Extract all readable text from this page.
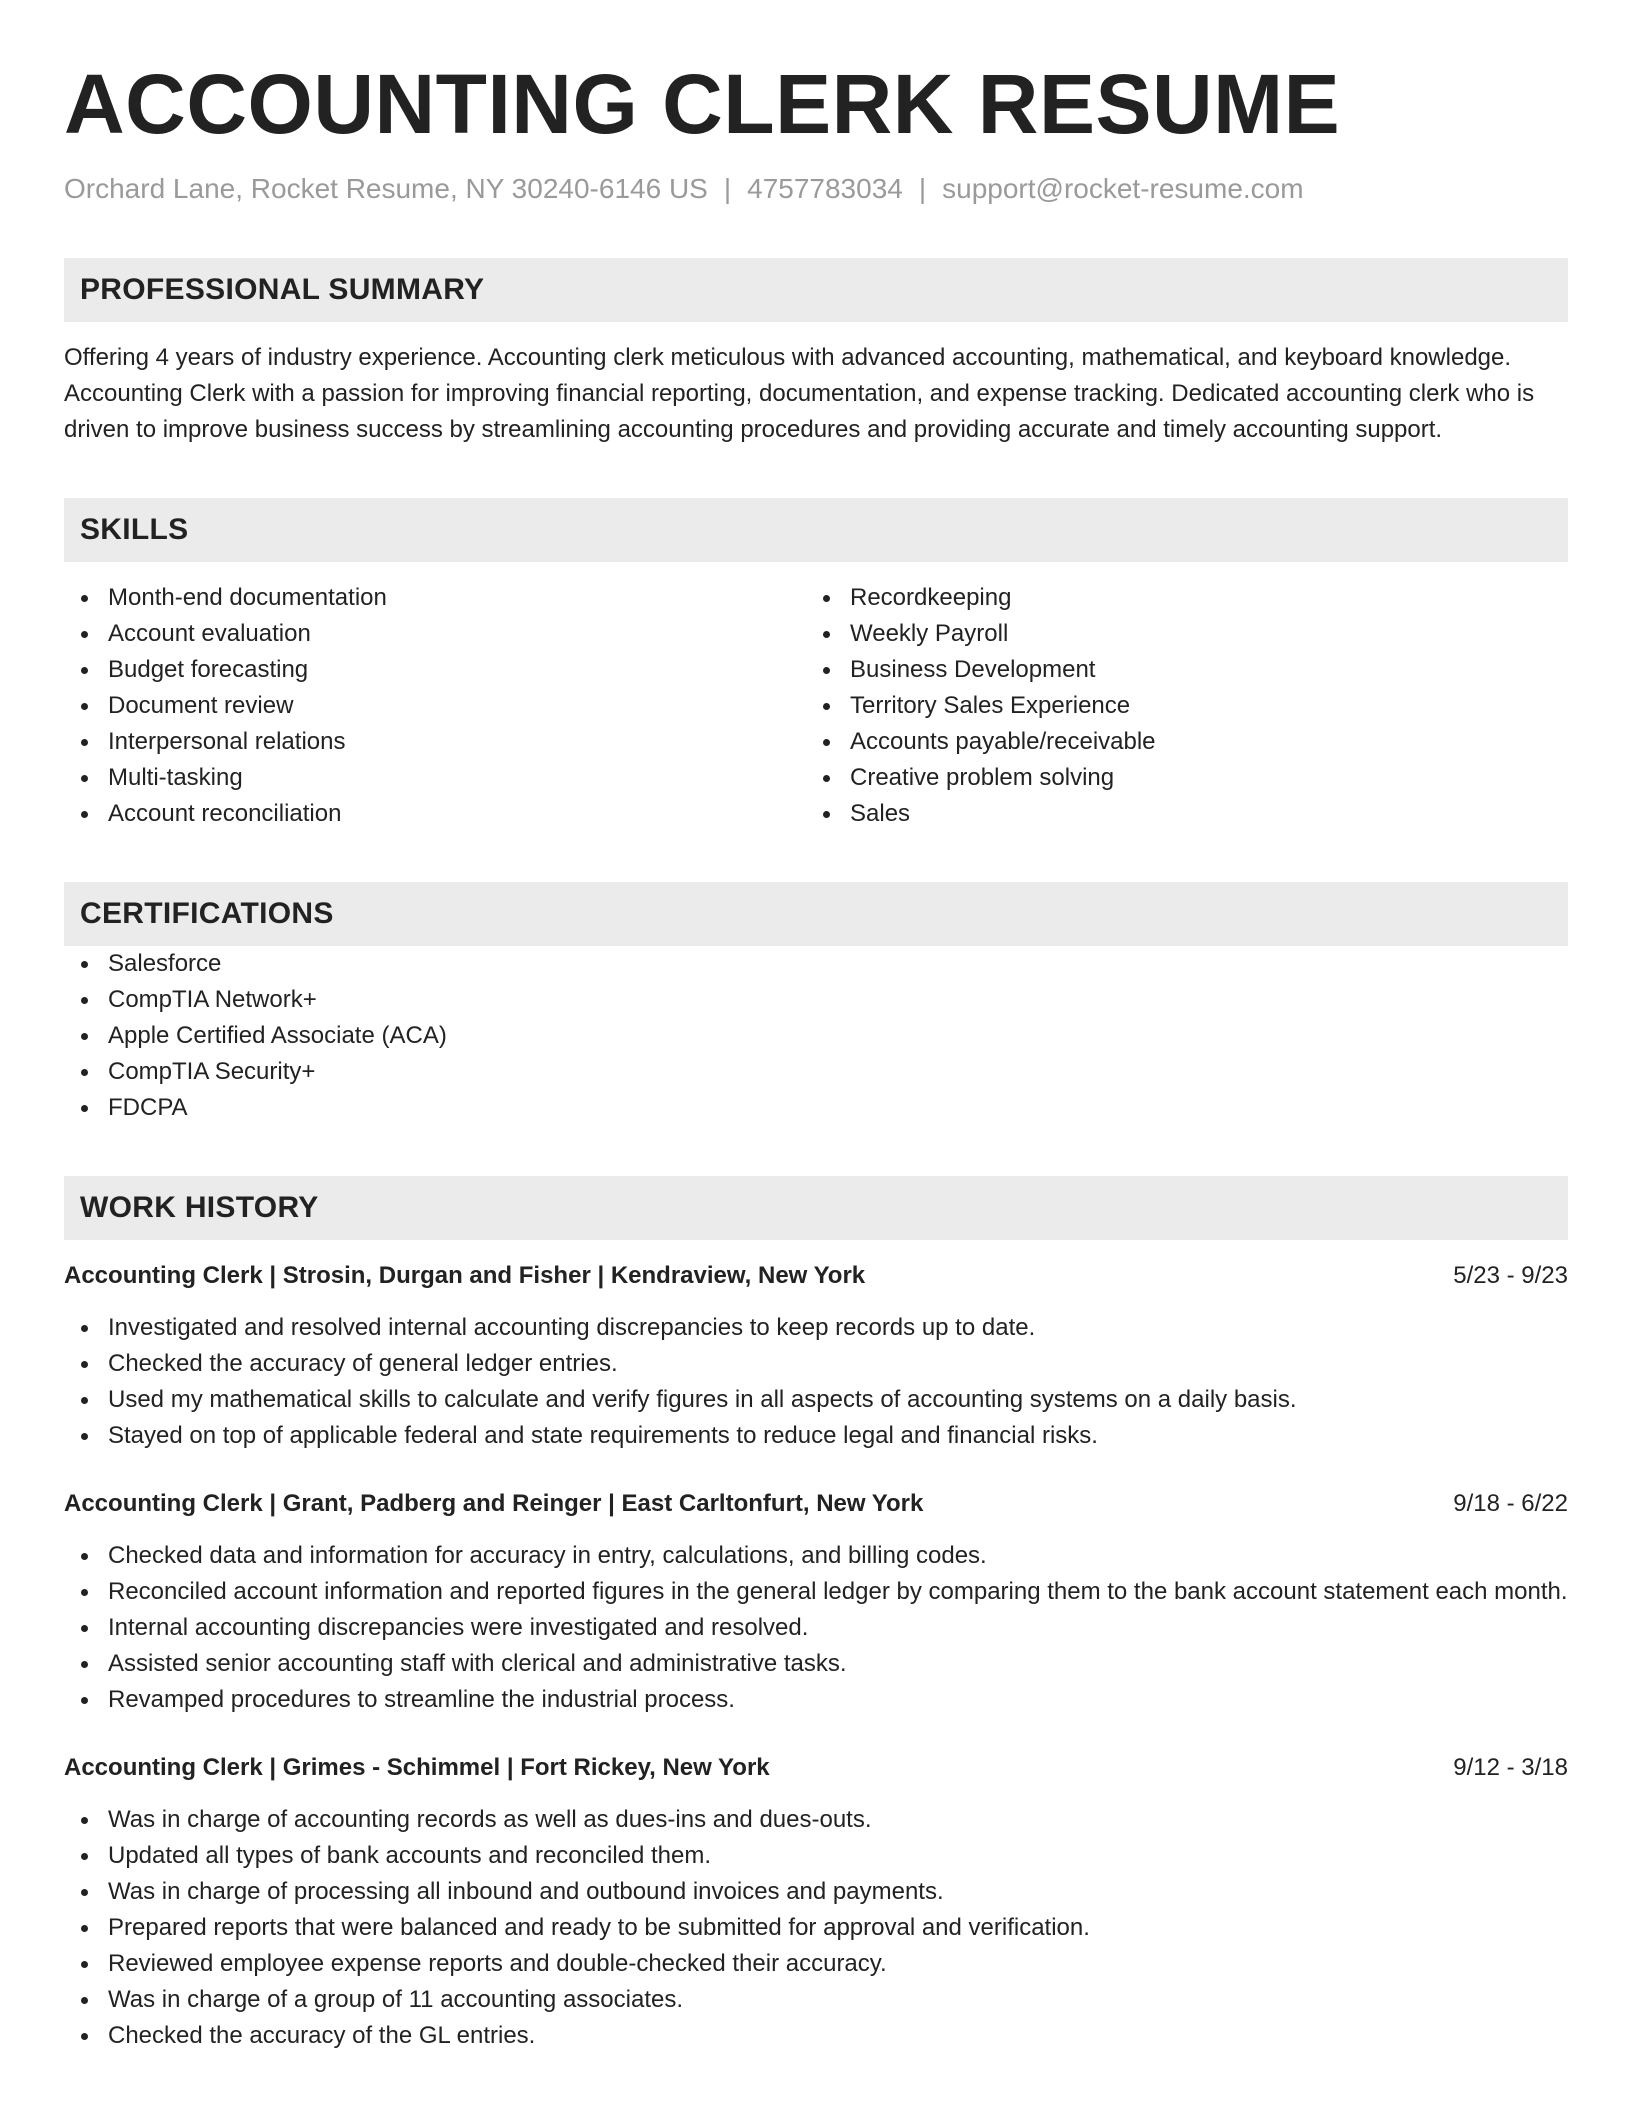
ACCOUNTING CLERK RESUME
Orchard Lane, Rocket Resume, NY 30240-6146 US | 4757783034 | support@rocket-resume.com
PROFESSIONAL SUMMARY
Offering 4 years of industry experience. Accounting clerk meticulous with advanced accounting, mathematical, and keyboard knowledge. Accounting Clerk with a passion for improving financial reporting, documentation, and expense tracking. Dedicated accounting clerk who is driven to improve business success by streamlining accounting procedures and providing accurate and timely accounting support.
SKILLS
Month-end documentation
Account evaluation
Budget forecasting
Document review
Interpersonal relations
Multi-tasking
Account reconciliation
Recordkeeping
Weekly Payroll
Business Development
Territory Sales Experience
Accounts payable/receivable
Creative problem solving
Sales
CERTIFICATIONS
Salesforce
CompTIA Network+
Apple Certified Associate (ACA)
CompTIA Security+
FDCPA
WORK HISTORY
Accounting Clerk | Strosin, Durgan and Fisher | Kendraview, New York	5/23 - 9/23
Investigated and resolved internal accounting discrepancies to keep records up to date.
Checked the accuracy of general ledger entries.
Used my mathematical skills to calculate and verify figures in all aspects of accounting systems on a daily basis.
Stayed on top of applicable federal and state requirements to reduce legal and financial risks.
Accounting Clerk | Grant, Padberg and Reinger | East Carltonfurt, New York	9/18 - 6/22
Checked data and information for accuracy in entry, calculations, and billing codes.
Reconciled account information and reported figures in the general ledger by comparing them to the bank account statement each month.
Internal accounting discrepancies were investigated and resolved.
Assisted senior accounting staff with clerical and administrative tasks.
Revamped procedures to streamline the industrial process.
Accounting Clerk | Grimes - Schimmel | Fort Rickey, New York	9/12 - 3/18
Was in charge of accounting records as well as dues-ins and dues-outs.
Updated all types of bank accounts and reconciled them.
Was in charge of processing all inbound and outbound invoices and payments.
Prepared reports that were balanced and ready to be submitted for approval and verification.
Reviewed employee expense reports and double-checked their accuracy.
Was in charge of a group of 11 accounting associates.
Checked the accuracy of the GL entries.
